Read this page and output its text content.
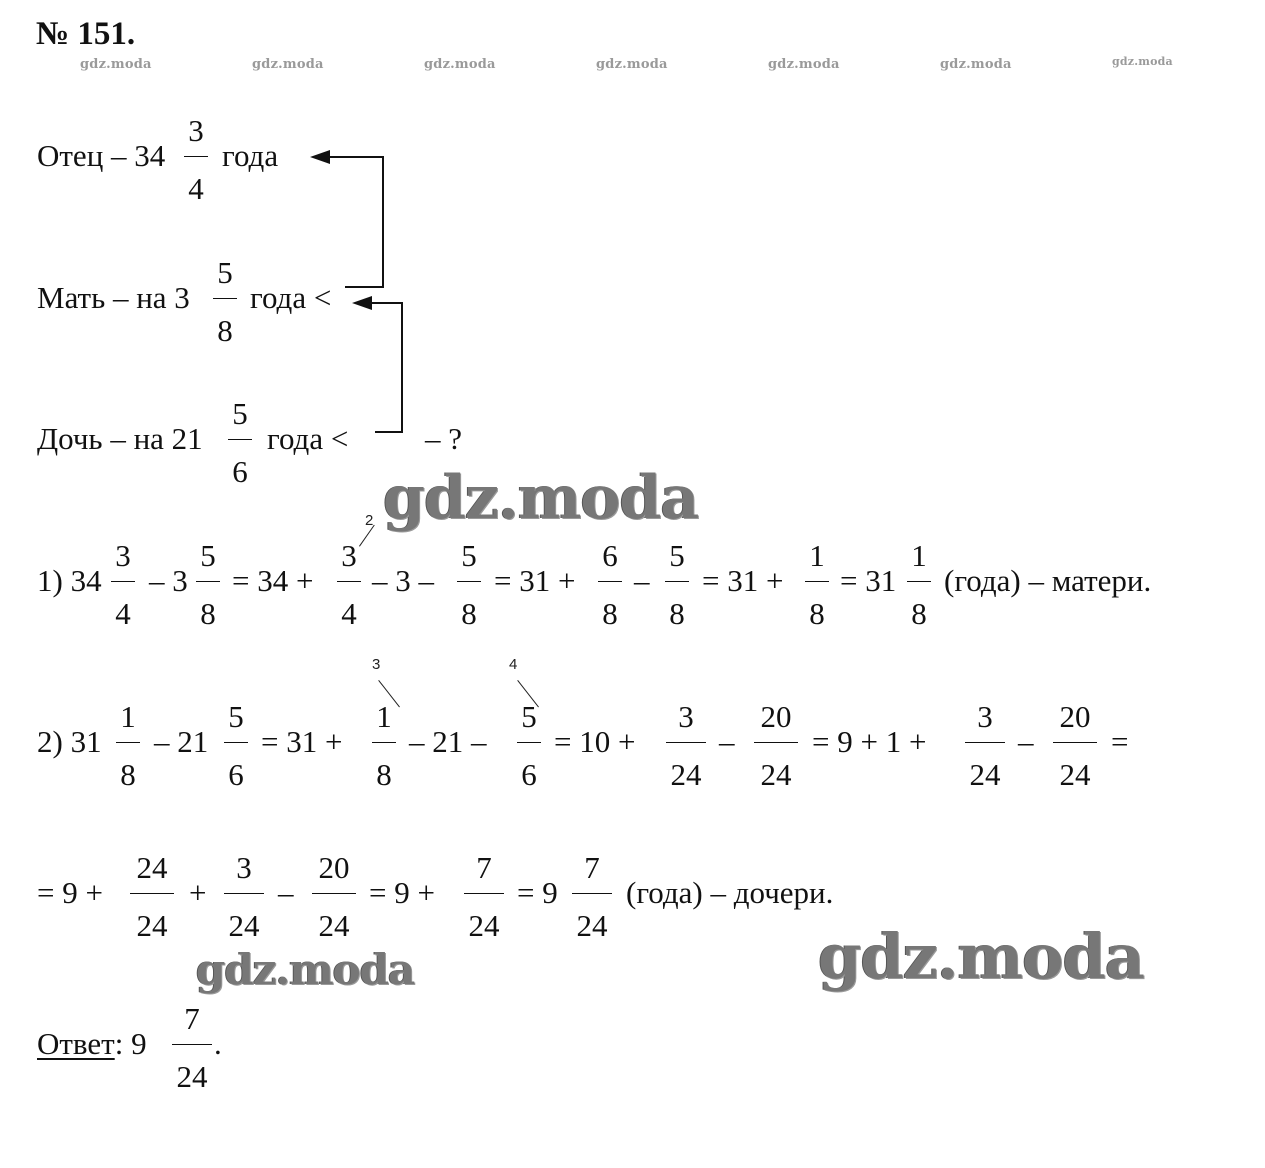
№ 151.
gdz.moda	gdz.moda	gdz.moda	gdz.moda	gdz.moda	gdz.moda	gdz.moda
Отец – 34
3
4
года
Мать – на 3
5
8
года <
Дочь – на 21
5
6
года < – ?
gdz.moda
1) 34
3
4
– 3
5
8
= 34 +
3
4
2
– 3 –
5
8
= 31 +
6
8
–
5
8
= 31 +
1
8
= 31
1
8
(года) – матери.
2) 31
1
8
– 21
5
6
= 31 +
3
1
8
– 21 –
4
5
6
= 10 +
3
24
–
20
24
= 9 + 1 +
3
24
–
20
24
=
= 9 +
24
24
+
3
24
–
20
24
= 9 +
7
24
= 9
7
24
(года) – дочери.
gdz.moda	gdz.moda
Ответ: 9
7
24
.
